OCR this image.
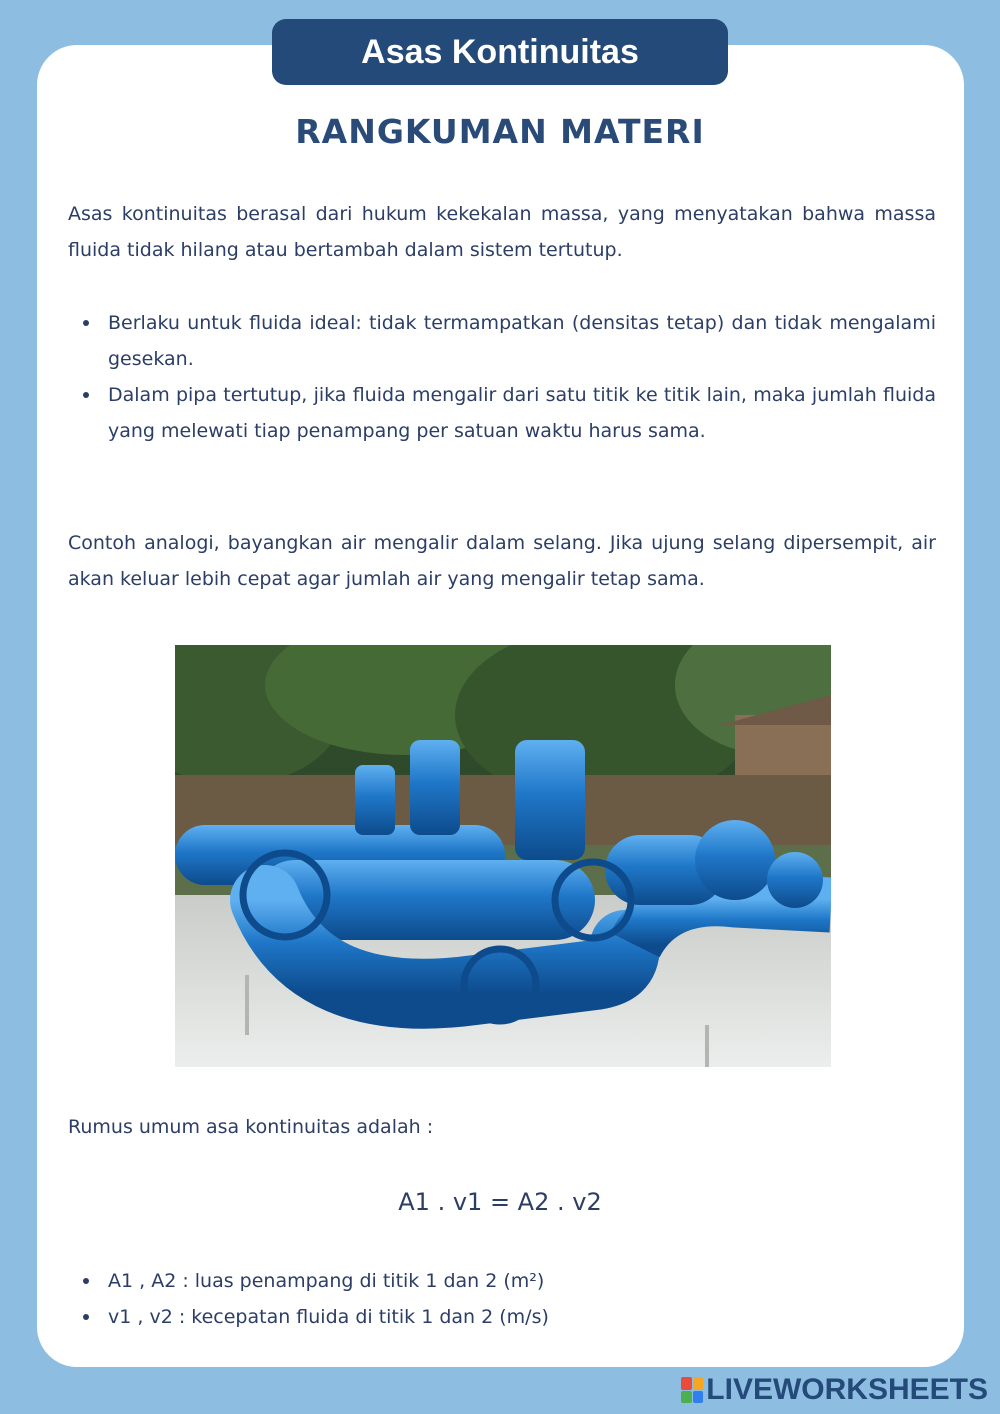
Asas Kontinuitas
RANGKUMAN MATERI

Asas kontinuitas berasal dari hukum kekekalan massa, yang menyatakan bahwa massa fluida tidak hilang atau bertambah dalam sistem tertutup.

Berlaku untuk fluida ideal: tidak termampatkan (densitas tetap) dan tidak mengalami gesekan.
Dalam pipa tertutup, jika fluida mengalir dari satu titik ke titik lain, maka jumlah fluida yang melewati tiap penampang per satuan waktu harus sama.

Contoh analogi, bayangkan air mengalir dalam selang. Jika ujung selang dipersempit, air akan keluar lebih cepat agar jumlah air yang mengalir tetap sama.

Rumus umum asa kontinuitas adalah :

A1 . v1 = A2 . v2
A1 , A2 : luas penampang di titik 1 dan 2 (m²)
v1 , v2 : kecepatan fluida di titik 1 dan 2 (m/s)
LIVEWORKSHEETS
